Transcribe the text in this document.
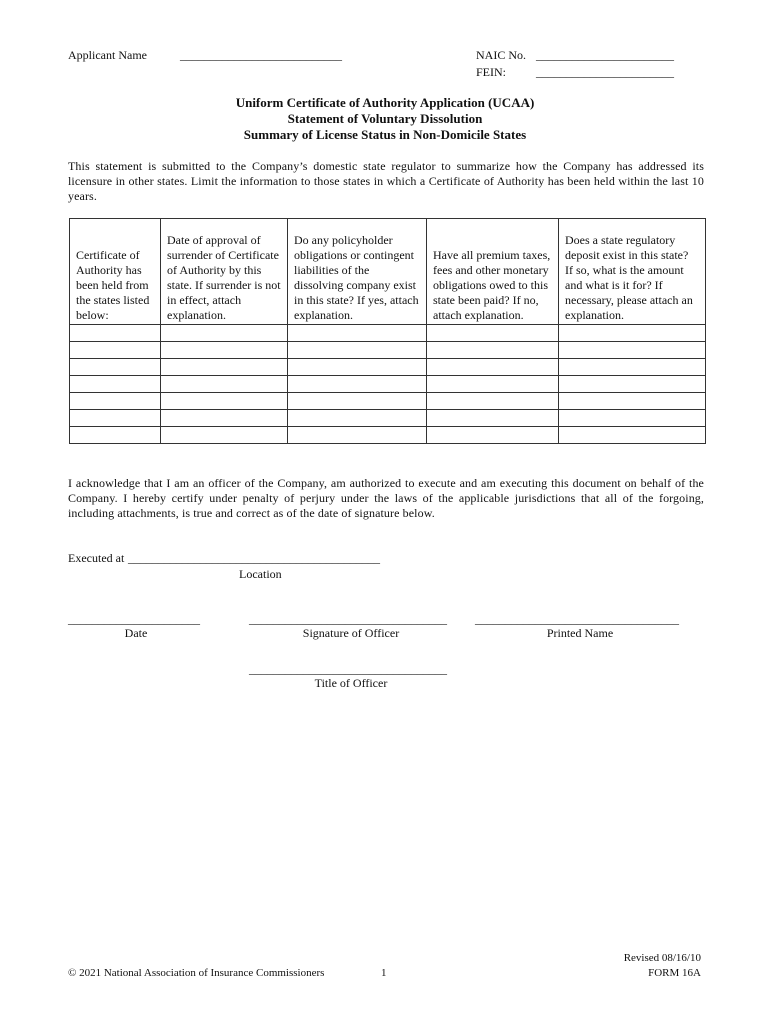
Applicant Name	___________________________	NAIC No. _______________________
FEIN:	_______________________
Uniform Certificate of Authority Application (UCAA)
Statement of Voluntary Dissolution
Summary of License Status in Non-Domicile States
This statement is submitted to the Company’s domestic state regulator to summarize how the Company has addressed its licensure in other states. Limit the information to those states in which a Certificate of Authority has been held within the last 10 years.
Certificate of Authority has been held from the states listed below:	Date of approval of surrender of Certificate of Authority by this state. If surrender is not in effect, attach explanation.	Do any policyholder obligations or contingent liabilities of the dissolving company exist in this state? If yes, attach explanation.	Have all premium taxes, fees and other monetary obligations owed to this state been paid? If no, attach explanation.	Does a state regulatory deposit exist in this state? If so, what is the amount and what is it for? If necessary, please attach an explanation.

I acknowledge that I am an officer of the Company, am authorized to execute and am executing this document on behalf of the Company. I hereby certify under penalty of perjury under the laws of the applicable jurisdictions that all of the forgoing, including attachments, is true and correct as of the date of signature below.
Executed at __________________________________________
Location
______________________
Date
_________________________________
Signature of Officer
__________________________________
Printed Name
_________________________________
Title of Officer
© 2021 National Association of Insurance Commissioners	1
Revised 08/16/10
FORM 16A
